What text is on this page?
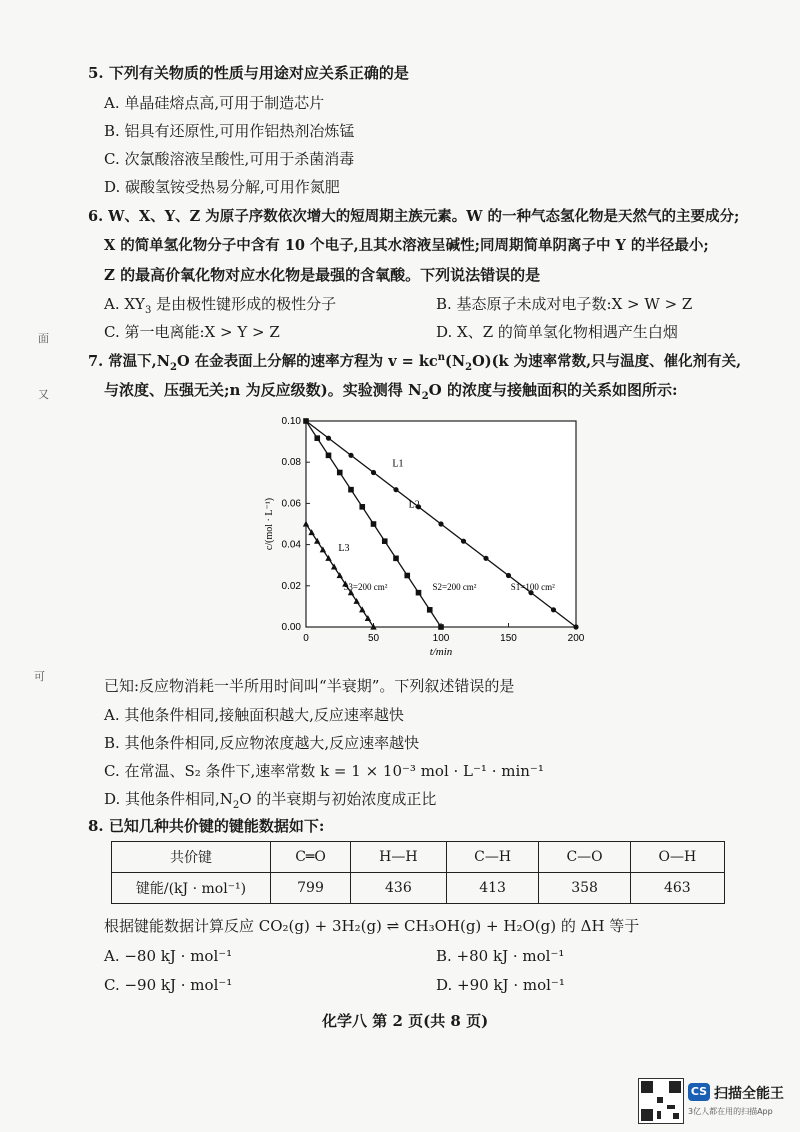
面
又
可
5. 下列有关物质的性质与用途对应关系正确的是
A. 单晶硅熔点高,可用于制造芯片
B. 铝具有还原性,可用作铝热剂冶炼锰
C. 次氯酸溶液呈酸性,可用于杀菌消毒
D. 碳酸氢铵受热易分解,可用作氮肥
6. W、X、Y、Z 为原子序数依次增大的短周期主族元素。W 的一种气态氢化物是天然气的主要成分;
X 的简单氢化物分子中含有 10 个电子,且其水溶液呈碱性;同周期简单阴离子中 Y 的半径最小;
Z 的最高价氧化物对应水化物是最强的含氧酸。下列说法错误的是
A. $XY_3$ 是由极性键形成的极性分子	B. 基态原子未成对电子数:X > W > Z
C. 第一电离能:X > Y > Z	D. X、Z 的简单氢化物相遇产生白烟
7. 常温下$,N_2O$ 在金表面上分解的速率方程为 $v = kc^n(N_2O)(k$ 为速率常数,只与温度、催化剂有关,
与浓度、压强无关;n 为反应级数)。实验测得 $N_2O$ 的浓度与接触面积的关系如图所示:
0	50	100	150	200
0.00
0.02
0.04
0.06
0.08
0.10
t/min
c/(mol · L⁻¹)
L1
S1=100 cm²
L2
S2=200 cm²
L3
S3=200 cm²
已知:反应物消耗一半所用时间叫“半衰期”。下列叙述错误的是
A. 其他条件相同,接触面积越大,反应速率越快
B. 其他条件相同,反应物浓度越大,反应速率越快
C. 在常温、S₂ 条件下,速率常数 k = 1 × 10⁻³ mol · L⁻¹ · min⁻¹
D. 其他条件相同$,N_2O$ 的半衰期与初始浓度成正比
8. 已知几种共价键的键能数据如下:
共价键	C═O	H—H	C—H	C—O	O—H
键能/(kJ · mol⁻¹)	799	436	413	358	463
根据键能数据计算反应 CO₂(g) + 3H₂(g) ⇌ CH₃OH(g) + H₂O(g) 的 ΔH 等于
A. −80 kJ · mol⁻¹	B. +80 kJ · mol⁻¹
C. −90 kJ · mol⁻¹	D. +90 kJ · mol⁻¹
化学八 第 2 页(共 8 页)
CS 扫描全能王
3亿人都在用的扫描App
